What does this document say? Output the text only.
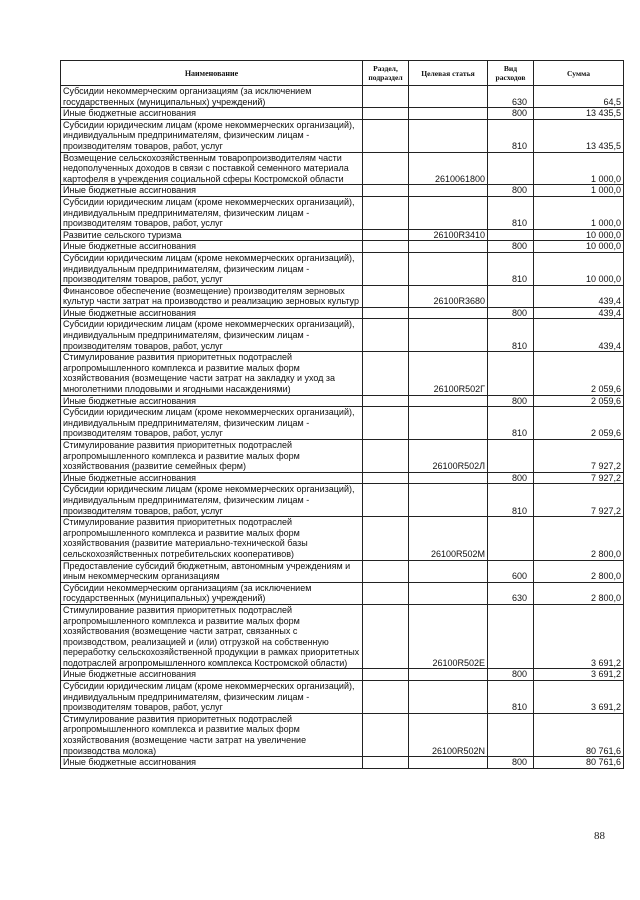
Наименование	Раздел, подраздел	Целевая статья	Вид расходов	Сумма
Субсидии некоммерческим организациям (за исключением государственных (муниципальных) учреждений)			630	64,5
Иные бюджетные ассигнования			800	13 435,5
Субсидии юридическим лицам (кроме некоммерческих организаций), индивидуальным предпринимателям, физическим лицам - производителям товаров, работ, услуг			810	13 435,5
Возмещение сельскохозяйственным товаропроизводителям части недополученных доходов в связи с поставкой семенного материала картофеля в учреждения социальной сферы Костромской области		2610061800		1 000,0
Иные бюджетные ассигнования			800	1 000,0
Субсидии юридическим лицам (кроме некоммерческих организаций), индивидуальным предпринимателям, физическим лицам - производителям товаров, работ, услуг			810	1 000,0
Развитие сельского туризма		26100R3410		10 000,0
Иные бюджетные ассигнования			800	10 000,0
Субсидии юридическим лицам (кроме некоммерческих организаций), индивидуальным предпринимателям, физическим лицам - производителям товаров, работ, услуг			810	10 000,0
Финансовое обеспечение (возмещение) производителям зерновых культур части затрат на производство и реализацию зерновых культур		26100R3680		439,4
Иные бюджетные ассигнования			800	439,4
Субсидии юридическим лицам (кроме некоммерческих организаций), индивидуальным предпринимателям, физическим лицам - производителям товаров, работ, услуг			810	439,4
Стимулирование развития приоритетных подотраслей агропромышленного комплекса и развитие малых форм хозяйствования (возмещение части затрат на закладку и уход за многолетними плодовыми и ягодными насаждениями)		26100R502Г		2 059,6
Иные бюджетные ассигнования			800	2 059,6
Субсидии юридическим лицам (кроме некоммерческих организаций), индивидуальным предпринимателям, физическим лицам - производителям товаров, работ, услуг			810	2 059,6
Стимулирование развития приоритетных подотраслей агропромышленного комплекса и развитие малых форм хозяйствования (развитие семейных ферм)		26100R502Л		7 927,2
Иные бюджетные ассигнования			800	7 927,2
Субсидии юридическим лицам (кроме некоммерческих организаций), индивидуальным предпринимателям, физическим лицам - производителям товаров, работ, услуг			810	7 927,2
Стимулирование развития приоритетных подотраслей агропромышленного комплекса и развитие малых форм хозяйствования (развитие материально-технической базы сельскохозяйственных потребительских кооперативов)		26100R502М		2 800,0
Предоставление субсидий бюджетным, автономным учреждениям и иным некоммерческим организациям			600	2 800,0
Субсидии некоммерческим организациям (за исключением государственных (муниципальных) учреждений)			630	2 800,0
Стимулирование развития приоритетных подотраслей агропромышленного комплекса и развитие малых форм хозяйствования (возмещение части затрат, связанных с производством, реализацией и (или) отгрузкой на собственную переработку сельскохозяйственной продукции в рамках приоритетных подотраслей агропромышленного комплекса Костромской области)		26100R502Е		3 691,2
Иные бюджетные ассигнования			800	3 691,2
Субсидии юридическим лицам (кроме некоммерческих организаций), индивидуальным предпринимателям, физическим лицам - производителям товаров, работ, услуг			810	3 691,2
Стимулирование развития приоритетных подотраслей агропромышленного комплекса и развитие малых форм хозяйствования (возмещение части затрат на увеличение производства молока)		26100R502N		80 761,6
Иные бюджетные ассигнования			800	80 761,6
88
